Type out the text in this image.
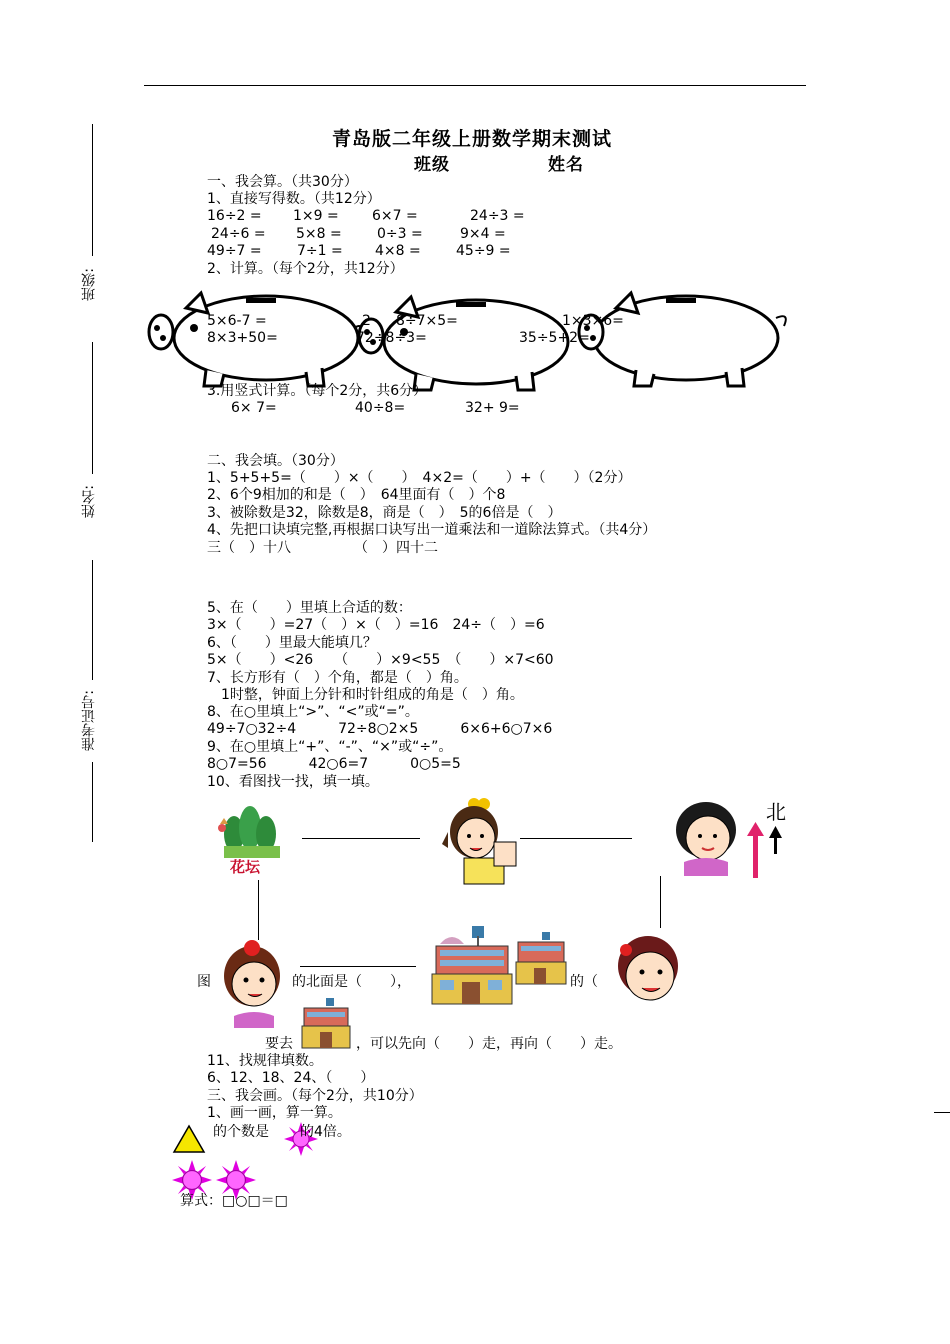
班级:
姓名:
准考证号:
青岛版二年级上册数学期末测试
班级	姓名
一、我会算。（共30分）
1、直接写得数。（共12分）
16÷2 = 1×9 = 6×7 =	24÷3 =
24÷6 = 5×8 =	0÷3 =	9×4 =
49÷7 =	7÷1 = 4×8 =	45÷9 =
2、计算。（每个2分，共12分）
5×6-7 =	2 8÷7×5=	1×3×6=
8×3+50=	72÷8÷3=	35÷5+2=
3.用竖式计算。（每个2分，共6分）
6× 7=	40÷8=	32+ 9=
二、我会填。（30分）
1、5+5+5=（　　）×（　　）　4×2=（　　）+（　　）（2分）
2、6个9相加的和是（　）　64里面有（　）个8
3、被除数是32，除数是8，商是（　）　5的6倍是（　）
4、先把口诀填完整,再根据口诀写出一道乘法和一道除法算式。（共4分）
三（　）十八　　　　　（　）四十二
5、在（　　）里填上合适的数：
3×（　　）=27（　）×（　）=16　24÷（　）=6
6、（　　）里最大能填几？
5×（　　）<26　　（　　）×9<55　（　　）×7<60
7、长方形有（　）个角，都是（　）角。
　1时整，钟面上分针和时针组成的角是（　）角。
8、在○里填上“>”、“<”或“=”。
49÷7○32÷4　　　72÷8○2×5　　　6×6+6○7×6
9、在○里填上“+”、“-”、“×”或“÷”。
8○7=56　　　42○6=7　　　0○5=5
10、看图找一找，填一填。
花坛
北
图	的北面是（　　），	的（
要去	，可以先向（　　）走，再向（　　）走。
11、找规律填数。
6、12、18、24、（　　）
三、我会画。（每个2分，共10分）
1、画一画，算一算。
的个数是 的4倍。
算式：□○□＝□
